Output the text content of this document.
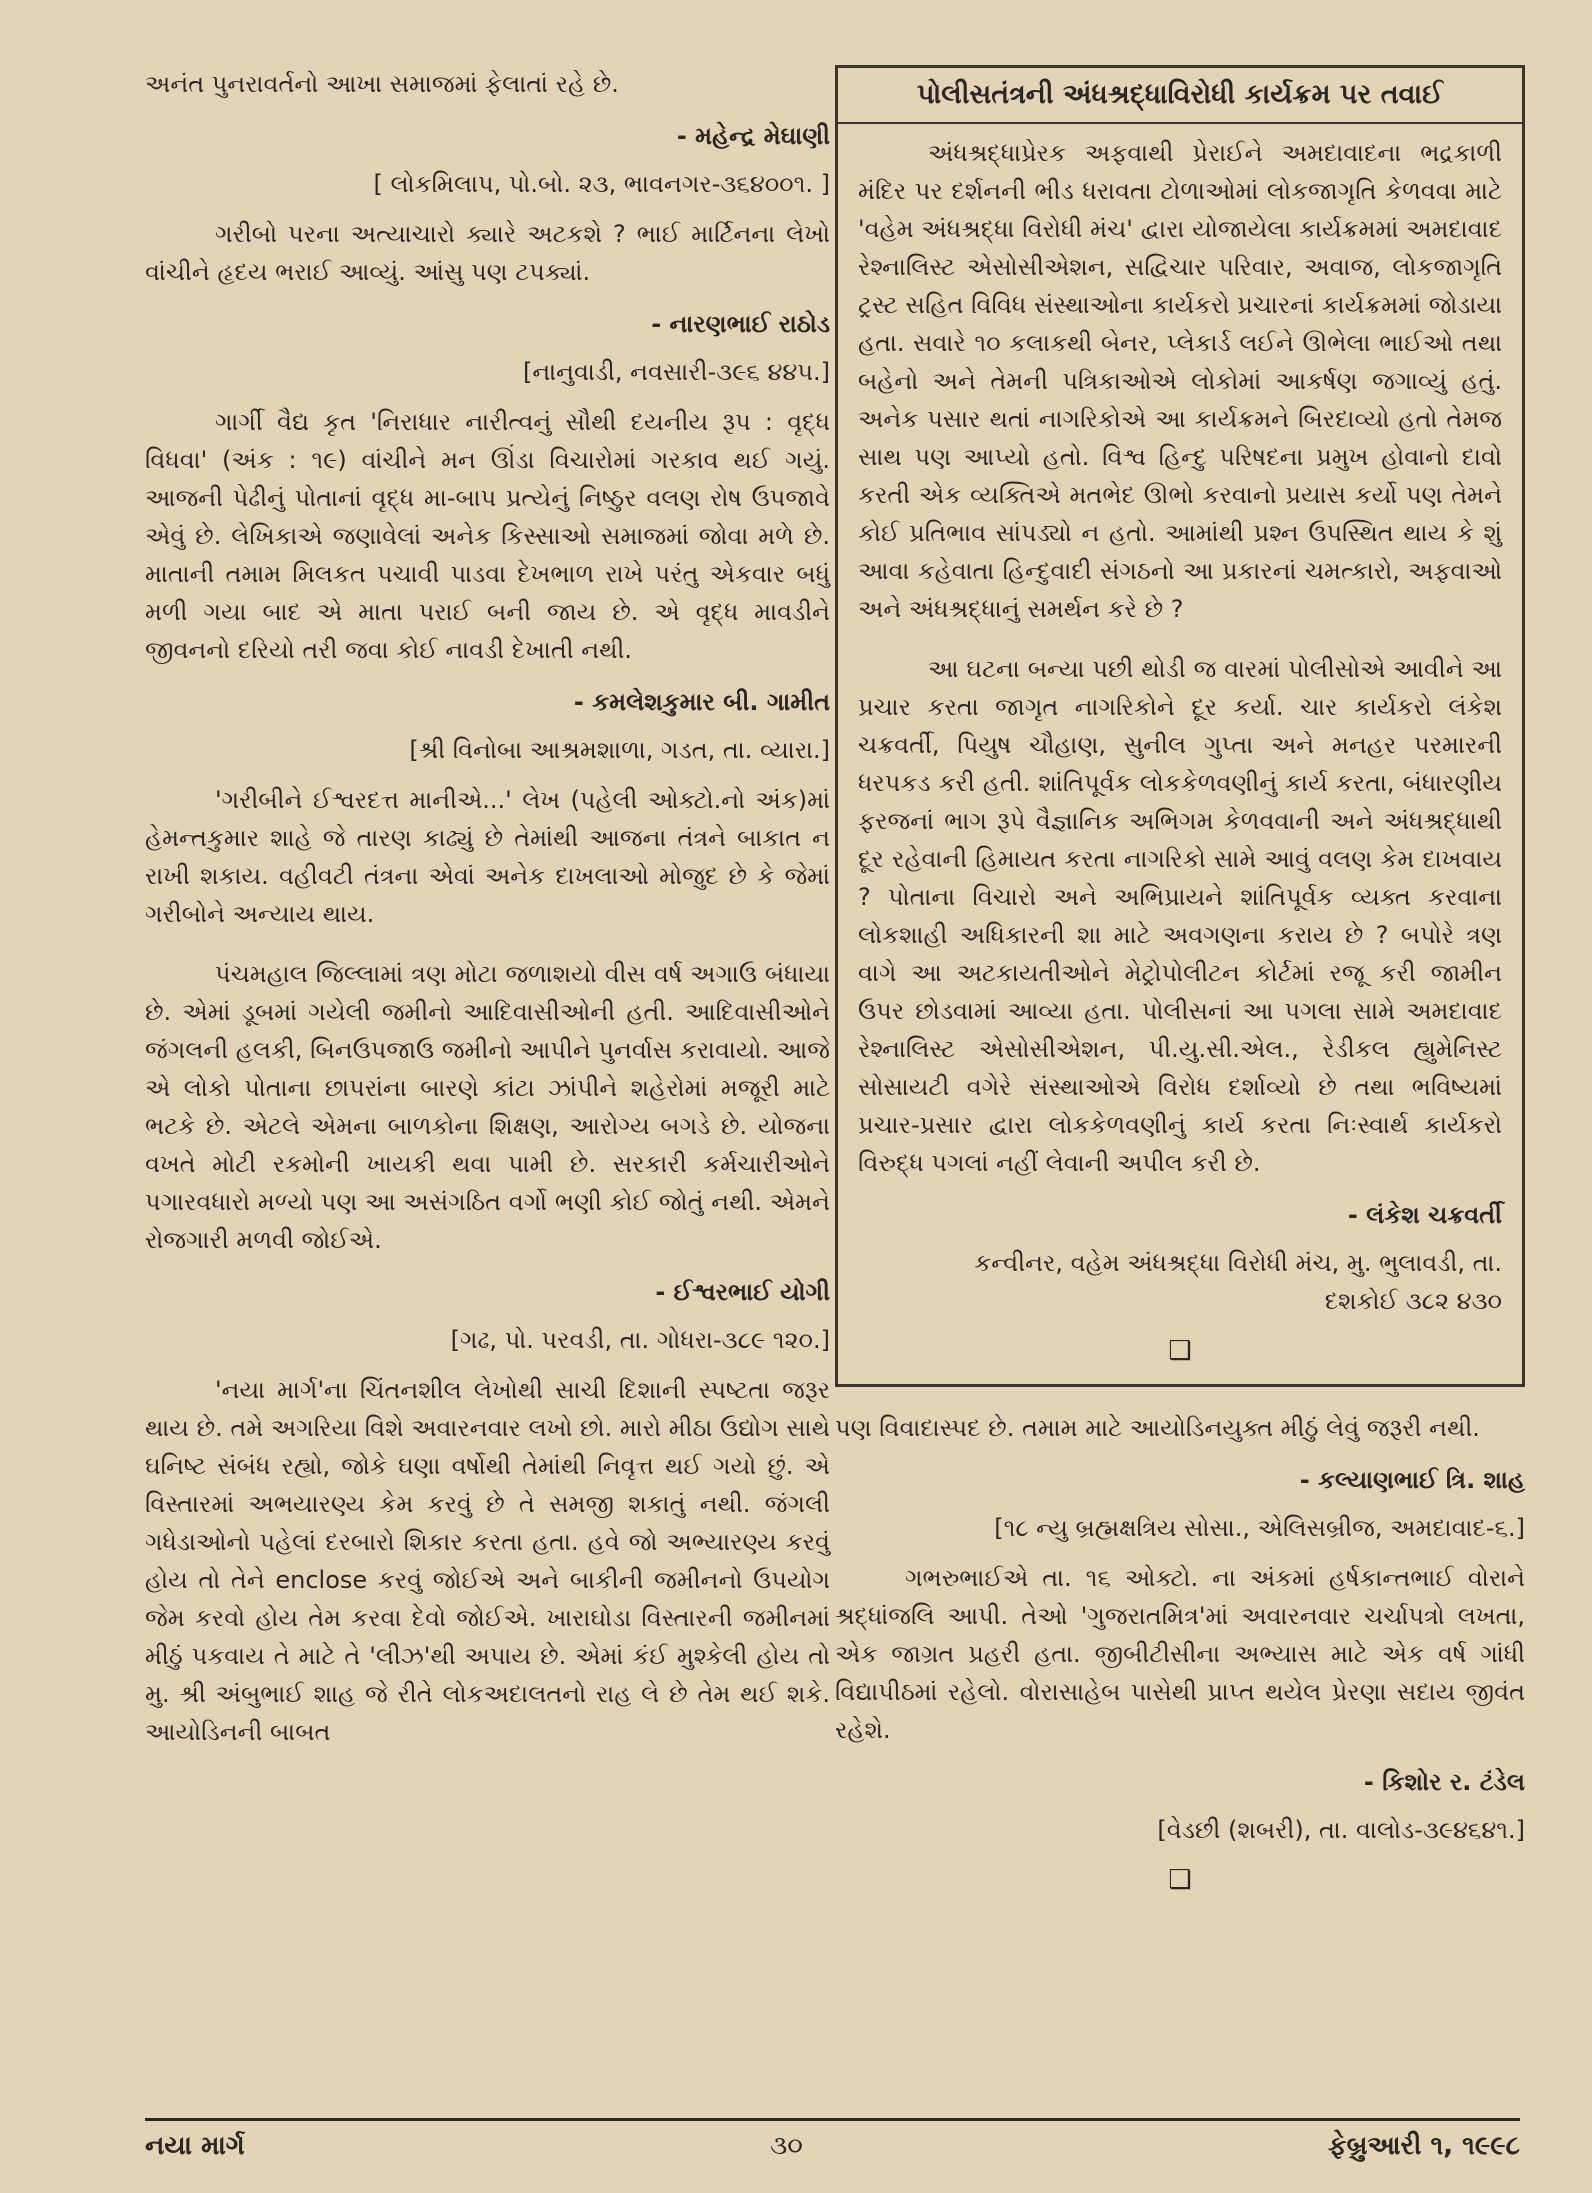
અનંત પુનરાવર્તનો આખા સમાજમાં ફેલાતાં રહે છે.

- મહેન્દ્ર મેઘાણી
[ લોકમિલાપ, પો.બો. ૨૩, ભાવનગર-૩૬૪૦૦૧. ]

ગરીબો પરના અત્યાચારો ક્યારે અટકશે ? ભાઈ માર્ટિનના લેખો વાંચીને હૃદય ભરાઈ આવ્યું. આંસુ પણ ટપક્યાં.

- નારણભાઈ રાઠોડ
[નાનુવાડી, નવસારી-૩૯૬ ૪૪૫.]

ગાર્ગી વૈદ્ય કૃત 'નિરાધાર નારીત્વનું સૌથી દયનીય રૂપ : વૃદ્ધ વિધવા' (અંક : ૧૯) વાંચીને મન ઊંડા વિચારોમાં ગરકાવ થઈ ગયું. આજની પેઢીનું પોતાનાં વૃદ્ધ મા-બાપ પ્રત્યેનું નિષ્ઠુર વલણ રોષ ઉપજાવે એવું છે. લેખિકાએ જણાવેલાં અનેક કિસ્સાઓ સમાજમાં જોવા મળે છે. માતાની તમામ મિલકત પચાવી પાડવા દેખભાળ રાખે પરંતુ એકવાર બધું મળી ગયા બાદ એ માતા પરાઈ બની જાય છે. એ વૃદ્ધ માવડીને જીવનનો દરિયો તરી જવા કોઈ નાવડી દેખાતી નથી.

- કમલેશકુમાર બી. ગામીત
[શ્રી વિનોબા આશ્રમશાળા, ગડત, તા. વ્યારા.]

'ગરીબીને ઈશ્વરદત્ત માનીએ...' લેખ (પહેલી ઓક્ટો.નો અંક)માં હેમન્તકુમાર શાહે જે તારણ કાઢ્યું છે તેમાંથી આજના તંત્રને બાકાત ન રાખી શકાય. વહીવટી તંત્રના એવાં અનેક દાખલાઓ મોજુદ છે કે જેમાં ગરીબોને અન્યાય થાય.

પંચમહાલ જિલ્લામાં ત્રણ મોટા જળાશયો વીસ વર્ષ અગાઉ બંધાયા છે. એમાં ડૂબમાં ગયેલી જમીનો આદિવાસીઓની હતી. આદિવાસીઓને જંગલની હલકી, બિનઉપજાઉ જમીનો આપીને પુનર્વાસ કરાવાયો. આજે એ લોકો પોતાના છાપરાંના બારણે કાંટા ઝાંપીને શહેરોમાં મજૂરી માટે ભટકે છે. એટલે એમના બાળકોના શિક્ષણ, આરોગ્ય બગડે છે. યોજના વખતે મોટી રકમોની ખાયકી થવા પામી છે. સરકારી કર્મચારીઓને પગારવધારો મળ્યો પણ આ અસંગઠિત વર્ગો ભણી કોઈ જોતું નથી. એમને રોજગારી મળવી જોઈએ.

- ઈશ્વરભાઈ યોગી
[ગઢ, પો. પરવડી, તા. ગોધરા-૩૮૯ ૧૨૦.]

'નયા માર્ગ'ના ચિંતનશીલ લેખોથી સાચી દિશાની સ્પષ્ટતા જરૂર થાય છે. તમે અગરિયા વિશે અવારનવાર લખો છો. મારો મીઠા ઉદ્યોગ સાથે ઘનિષ્ટ સંબંધ રહ્યો, જોકે ઘણા વર્ષોથી તેમાંથી નિવૃત્ત થઈ ગયો છું. એ વિસ્તારમાં અભયારણ્ય કેમ કરવું છે તે સમજી શકાતું નથી. જંગલી ગધેડાઓનો પહેલાં દરબારો શિકાર કરતા હતા. હવે જો અભ્યારણ્ય કરવું હોય તો તેને enclose કરવું જોઈએ અને બાકીની જમીનનો ઉપયોગ જેમ કરવો હોય તેમ કરવા દેવો જોઈએ. ખારાઘોડા વિસ્તારની જમીનમાં મીઠું પકવાય તે માટે તે 'લીઝ'થી અપાય છે. એમાં કંઈ મુશ્કેલી હોય તો મુ. શ્રી અંબુભાઈ શાહ જે રીતે લોકઅદાલતનો રાહ લે છે તેમ થઈ શકે. આયોડિનની બાબત

પોલીસતંત્રની અંધશ્રદ્ધાવિરોધી કાર્યક્રમ પર તવાઈ

અંધશ્રદ્ધાપ્રેરક અફવાથી પ્રેરાઈને અમદાવાદના ભદ્રકાળી મંદિર પર દર્શનની ભીડ ધરાવતા ટોળાઓમાં લોકજાગૃતિ કેળવવા માટે 'વહેમ અંધશ્રદ્ધા વિરોધી મંચ' દ્વારા યોજાયેલા કાર્યક્રમમાં અમદાવાદ રેશ્નાલિસ્ટ એસોસીએશન, સદ્વિચાર પરિવાર, અવાજ, લોકજાગૃતિ ટ્રસ્ટ સહિત વિવિધ સંસ્થાઓના કાર્યકરો પ્રચારનાં કાર્યક્રમમાં જોડાયા હતા. સવારે ૧૦ કલાકથી બેનર, પ્લેકાર્ડ લઈને ઊભેલા ભાઈઓ તથા બહેનો અને તેમની પત્રિકાઓએ લોકોમાં આકર્ષણ જગાવ્યું હતું. અનેક પસાર થતાં નાગરિકોએ આ કાર્યક્રમને બિરદાવ્યો હતો તેમજ સાથ પણ આપ્યો હતો. વિશ્વ હિન્દુ પરિષદના પ્રમુખ હોવાનો દાવો કરતી એક વ્યક્તિએ મતભેદ ઊભો કરવાનો પ્રયાસ કર્યો પણ તેમને કોઈ પ્રતિભાવ સાંપડ્યો ન હતો. આમાંથી પ્રશ્ન ઉપસ્થિત થાય કે શું આવા કહેવાતા હિન્દુવાદી સંગઠનો આ પ્રકારનાં ચમત્કારો, અફવાઓ અને અંધશ્રદ્ધાનું સમર્થન કરે છે ?

આ ઘટના બન્યા પછી થોડી જ વારમાં પોલીસોએ આવીને આ પ્રચાર કરતા જાગૃત નાગરિકોને દૂર કર્યા. ચાર કાર્યકરો લંકેશ ચક્રવર્તી, પિયુષ ચૌહાણ, સુનીલ ગુપ્તા અને મનહર પરમારની ધરપકડ કરી હતી. શાંતિપૂર્વક લોકકેળવણીનું કાર્ય કરતા, બંધારણીય ફરજનાં ભાગ રૂપે વૈજ્ઞાનિક અભિગમ કેળવવાની અને અંધશ્રદ્ધાથી દૂર રહેવાની હિમાયત કરતા નાગરિકો સામે આવું વલણ કેમ દાખવાય ? પોતાના વિચારો અને અભિપ્રાયને શાંતિપૂર્વક વ્યક્ત કરવાના લોકશાહી અધિકારની શા માટે અવગણના કરાય છે ? બપોરે ત્રણ વાગે આ અટકાયતીઓને મેટ્રોપોલીટન કોર્ટમાં રજૂ કરી જામીન ઉપર છોડવામાં આવ્યા હતા. પોલીસનાં આ પગલા સામે અમદાવાદ રેશ્નાલિસ્ટ એસોસીએશન, પી.યુ.સી.એલ., રેડીકલ હ્યુમેનિસ્ટ સોસાયટી વગેરે સંસ્થાઓએ વિરોધ દર્શાવ્યો છે તથા ભવિષ્યમાં પ્રચાર-પ્રસાર દ્વારા લોકકેળવણીનું કાર્ય કરતા નિઃસ્વાર્થ કાર્યકરો વિરુદ્ધ પગલાં નહીં લેવાની અપીલ કરી છે.

- લંકેશ ચક્રવર્તી
કન્વીનર, વહેમ અંધશ્રદ્ધા વિરોધી મંચ, મુ. ભુલાવડી, તા.
દશકોઈ ૩૮૨ ૪૩૦
❑

પણ વિવાદાસ્પદ છે. તમામ માટે આયોડિનયુક્ત મીઠું લેવું જરૂરી નથી.

- કલ્યાણભાઈ ત્રિ. શાહ
[૧૮ ન્યુ બ્રહ્મક્ષત્રિય સોસા., એલિસબ્રીજ, અમદાવાદ-૬.]

ગભરુભાઈએ તા. ૧૬ ઓક્ટો. ના અંકમાં હર્ષકાન્તભાઈ વોરાને શ્રદ્ધાંજલિ આપી. તેઓ 'ગુજરાતમિત્ર'માં અવારનવાર ચર્ચાપત્રો લખતા, એક જાગ્રત પ્રહરી હતા. જીબીટીસીના અભ્યાસ માટે એક વર્ષ ગાંધી વિદ્યાપીઠમાં રહેલો. વોરાસાહેબ પાસેથી પ્રાપ્ત થયેલ પ્રેરણા સદાય જીવંત રહેશે.

- કિશોર ર. ટંડેલ
[વેડછી (શબરી), તા. વાલોડ-૩૯૪૬૪૧.]
❑
નયા માર્ગ	૩૦	ફેબ્રુઆરી ૧, ૧૯૯૮
